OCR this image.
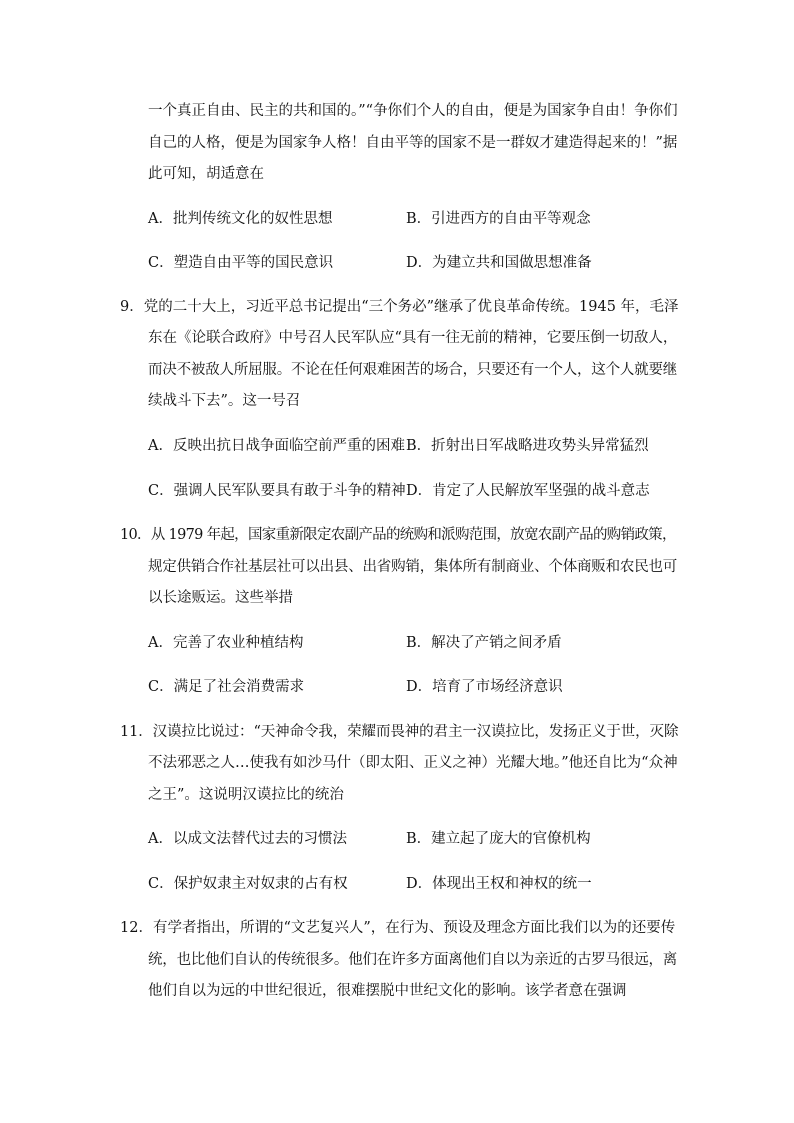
一个真正自由、民主的共和国的。”“争你们个人的自由，便是为国家争自由！争你们
自己的人格，便是为国家争人格！自由平等的国家不是一群奴才建造得起来的！”据
此可知，胡适意在
A．批判传统文化的奴性思想	B．引进西方的自由平等观念
C．塑造自由平等的国民意识	D．为建立共和国做思想准备
9．党的二十大上，习近平总书记提出“三个务必”继承了优良革命传统。1945 年，毛泽
东在《论联合政府》中号召人民军队应“具有一往无前的精神，它要压倒一切敌人，
而决不被敌人所屈服。不论在任何艰难困苦的场合，只要还有一个人，这个人就要继
续战斗下去”。这一号召
A．反映出抗日战争面临空前严重的困难 B．折射出日军战略进攻势头异常猛烈
C．强调人民军队要具有敢于斗争的精神 D．肯定了人民解放军坚强的战斗意志
10．从 1979 年起，国家重新限定农副产品的统购和派购范围，放宽农副产品的购销政策，
规定供销合作社基层社可以出县、出省购销，集体所有制商业、个体商贩和农民也可
以长途贩运。这些举措
A．完善了农业种植结构	B．解决了产销之间矛盾
C．满足了社会消费需求	D．培育了市场经济意识
11．汉谟拉比说过：“天神命令我，荣耀而畏神的君主一汉谟拉比，发扬正义于世，灭除
不法邪恶之人…使我有如沙马什（即太阳、正义之神）光耀大地。”他还自比为“众神
之王”。这说明汉谟拉比的统治
A．以成文法替代过去的习惯法	B．建立起了庞大的官僚机构
C．保护奴隶主对奴隶的占有权	D．体现出王权和神权的统一
12．有学者指出，所谓的“文艺复兴人”，在行为、预设及理念方面比我们以为的还要传
统，也比他们自认的传统很多。他们在许多方面离他们自以为亲近的古罗马很远，离
他们自以为远的中世纪很近，很难摆脱中世纪文化的影响。该学者意在强调
